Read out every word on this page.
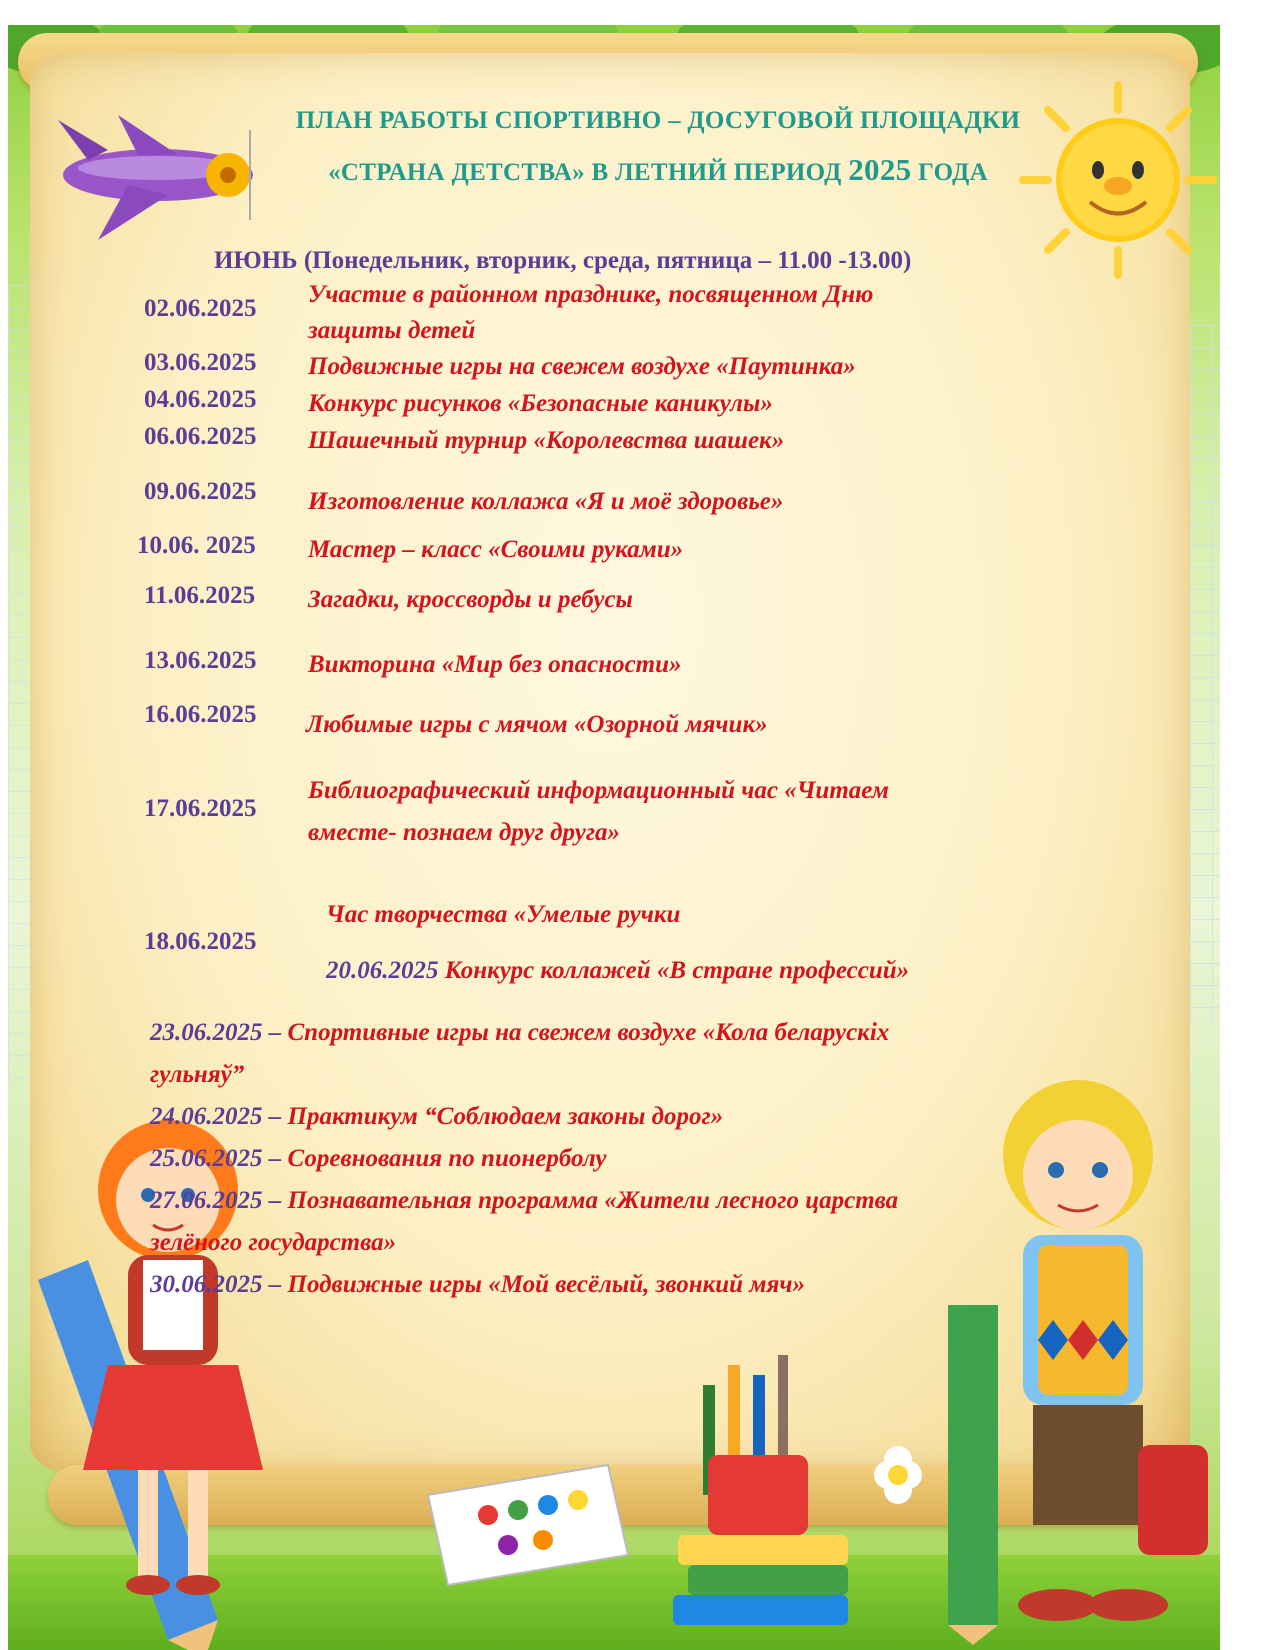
ПЛАН РАБОТЫ СПОРТИВНО – ДОСУГОВОЙ ПЛОЩАДКИ
«СТРАНА ДЕТСТВА» В ЛЕТНИЙ ПЕРИОД 2025 ГОДА
ИЮНЬ (Понедельник, вторник, среда, пятница – 11.00 -13.00)
02.06.2025
Участие в районном празднике, посвященном Дню
защиты детей
03.06.2025 Подвижные игры на свежем воздухе «Паутинка»
04.06.2025 Конкурс рисунков «Безопасные каникулы»
06.06.2025 Шашечный турнир «Королевства шашек»
09.06.2025 Изготовление коллажа «Я и моё здоровье»
10.06. 2025 Мастер – класс «Своими руками»
11.06.2025 Загадки, кроссворды и ребусы
13.06.2025 Викторина «Мир без опасности»
16.06.2025 Любимые игры с мячом «Озорной мячик»
17.06.2025
Библиографический информационный час «Читаем
вместе- познаем друг друга»
18.06.2025
Час творчества «Умелые ручки
20.06.2025 Конкурс коллажей «В стране профессий»
23.06.2025 – Спортивные игры на свежем воздухе «Кола беларускіх
гульняў”
24.06.2025 – Практикум “Соблюдаем законы дорог»
25.06.2025 – Соревнования по пионерболу
27.06.2025 – Познавательная программа «Жители лесного царства
зелёного государства»
30.06.2025 – Подвижные игры «Мой весёлый, звонкий мяч»
